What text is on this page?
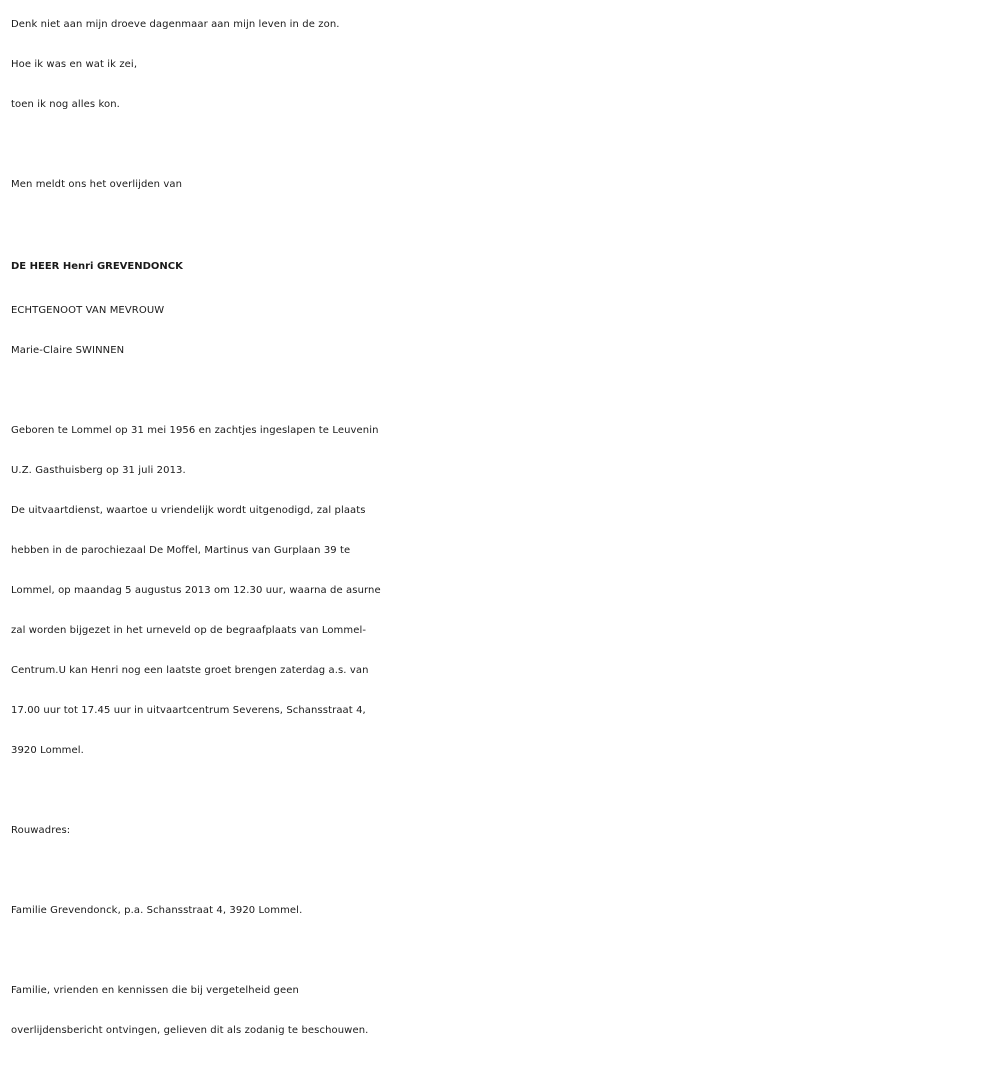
Denk niet aan mijn droeve dagenmaar aan mijn leven in de zon.
Hoe ik was en wat ik zei,
toen ik nog alles kon.
Men meldt ons het overlijden van
DE HEER Henri GREVENDONCK
ECHTGENOOT VAN MEVROUW
Marie-Claire SWINNEN
Geboren te Lommel op 31 mei 1956 en zachtjes ingeslapen te Leuvenin
U.Z. Gasthuisberg op 31 juli 2013.
De uitvaartdienst, waartoe u vriendelijk wordt uitgenodigd, zal plaats
hebben in de parochiezaal De Moffel, Martinus van Gurplaan 39 te
Lommel, op maandag 5 augustus 2013 om 12.30 uur, waarna de asurne
zal worden bijgezet in het urneveld op de begraafplaats van Lommel-
Centrum.U kan Henri nog een laatste groet brengen zaterdag a.s. van
17.00 uur tot 17.45 uur in uitvaartcentrum Severens, Schansstraat 4,
3920 Lommel.
Rouwadres:
Familie Grevendonck, p.a. Schansstraat 4, 3920 Lommel.
Familie, vrienden en kennissen die bij vergetelheid geen
overlijdensbericht ontvingen, gelieven dit als zodanig te beschouwen.
